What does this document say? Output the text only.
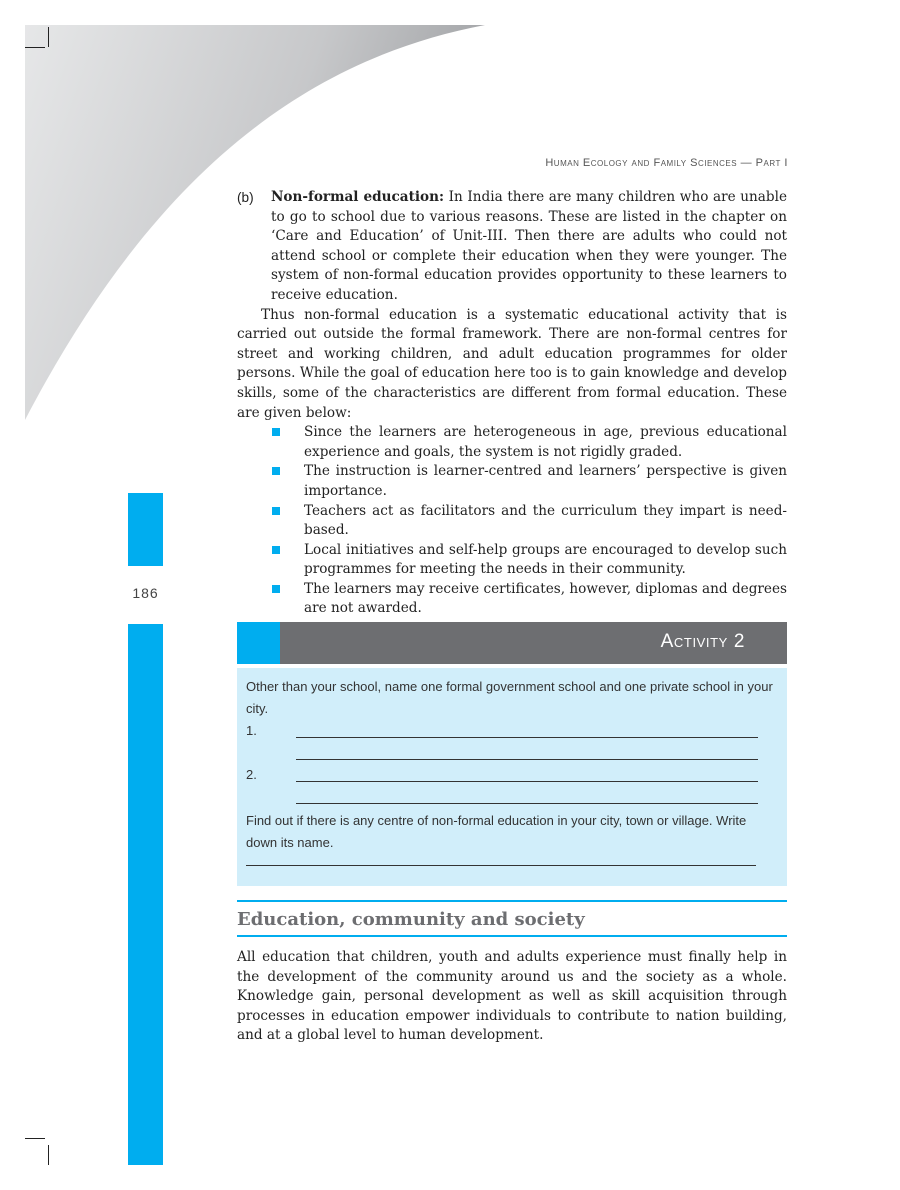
Human Ecology and Family Sciences — Part I
186
(b) Non-formal education: In India there are many children who are unable to go to school due to various reasons. These are listed in the chapter on ‘Care and Education’ of Unit-III. Then there are adults who could not attend school or complete their education when they were younger. The system of non-formal education provides opportunity to these learners to receive education.

Thus non-formal education is a systematic educational activity that is carried out outside the formal framework. There are non-formal centres for street and working children, and adult education programmes for older persons. While the goal of education here too is to gain knowledge and develop skills, some of the characteristics are different from formal education. These are given below:

Since the learners are heterogeneous in age, previous educational experience and goals, the system is not rigidly graded.
The instruction is learner-centred and learners’ perspective is given importance.
Teachers act as facilitators and the curriculum they impart is need-based.
Local initiatives and self-help groups are encouraged to develop such programmes for meeting the needs in their community.
The learners may receive certificates, however, diplomas and degrees are not awarded.
Activity 2
Other than your school, name one formal government school and one private school in your city.
1.
2.
Find out if there is any centre of non-formal education in your city, town or village. Write down its name.
Education, community and society

All education that children, youth and adults experience must finally help in the development of the community around us and the society as a whole. Knowledge gain, personal development as well as skill acquisition through processes in education empower individuals to contribute to nation building, and at a global level to human development.
